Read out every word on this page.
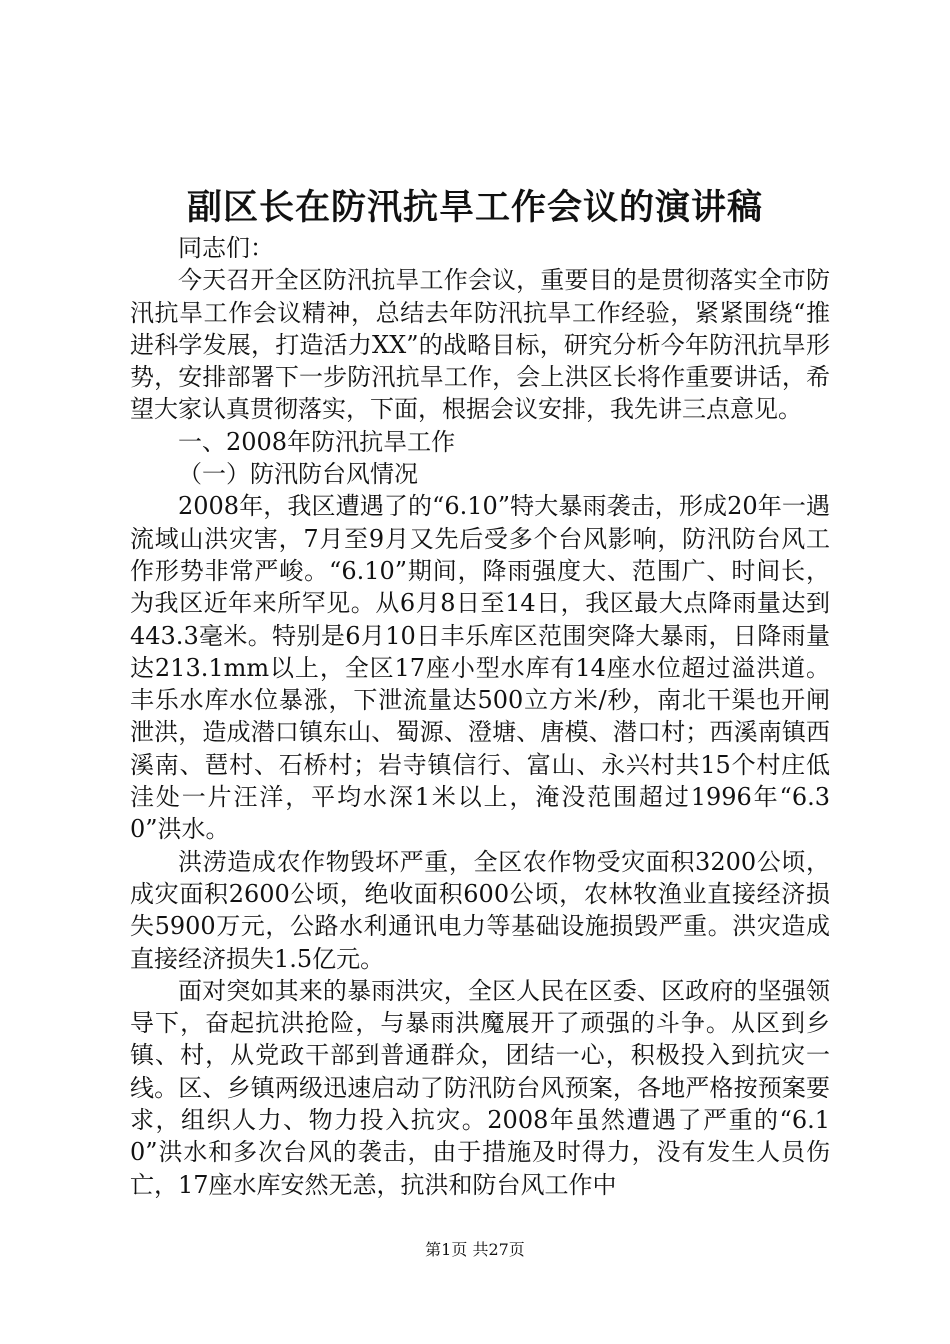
副区长在防汛抗旱工作会议的演讲稿

同志们：

今天召开全区防汛抗旱工作会议，重要目的是贯彻落实全市防汛抗旱工作会议精神，总结去年防汛抗旱工作经验，紧紧围绕“推进科学发展，打造活力XX”的战略目标，研究分析今年防汛抗旱形势，安排部署下一步防汛抗旱工作，会上洪区长将作重要讲话，希望大家认真贯彻落实，下面，根据会议安排，我先讲三点意见。

一、2008年防汛抗旱工作

（一）防汛防台风情况

2008年，我区遭遇了的“6.10”特大暴雨袭击，形成20年一遇流域山洪灾害，7月至9月又先后受多个台风影响，防汛防台风工作形势非常严峻。“6.10”期间，降雨强度大、范围广、时间长，为我区近年来所罕见。从6月8日至14日，我区最大点降雨量达到443.3毫米。特别是6月10日丰乐库区范围突降大暴雨，日降雨量达213.1mm以上，全区17座小型水库有14座水位超过溢洪道。丰乐水库水位暴涨，下泄流量达500立方米/秒，南北干渠也开闸泄洪，造成潜口镇东山、蜀源、澄塘、唐模、潜口村；西溪南镇西溪南、琶村、石桥村；岩寺镇信行、富山、永兴村共15个村庄低洼处一片汪洋，平均水深1米以上，淹没范围超过1996年“6.30”洪水。

洪涝造成农作物毁坏严重，全区农作物受灾面积3200公顷，成灾面积2600公顷，绝收面积600公顷，农林牧渔业直接经济损失5900万元，公路水利通讯电力等基础设施损毁严重。洪灾造成直接经济损失1.5亿元。

面对突如其来的暴雨洪灾，全区人民在区委、区政府的坚强领导下，奋起抗洪抢险，与暴雨洪魔展开了顽强的斗争。从区到乡镇、村，从党政干部到普通群众，团结一心，积极投入到抗灾一线。区、乡镇两级迅速启动了防汛防台风预案，各地严格按预案要求，组织人力、物力投入抗灾。2008年虽然遭遇了严重的“6.10”洪水和多次台风的袭击，由于措施及时得力，没有发生人员伤亡，17座水库安然无恙，抗洪和防台风工作中

第1页 共27页
